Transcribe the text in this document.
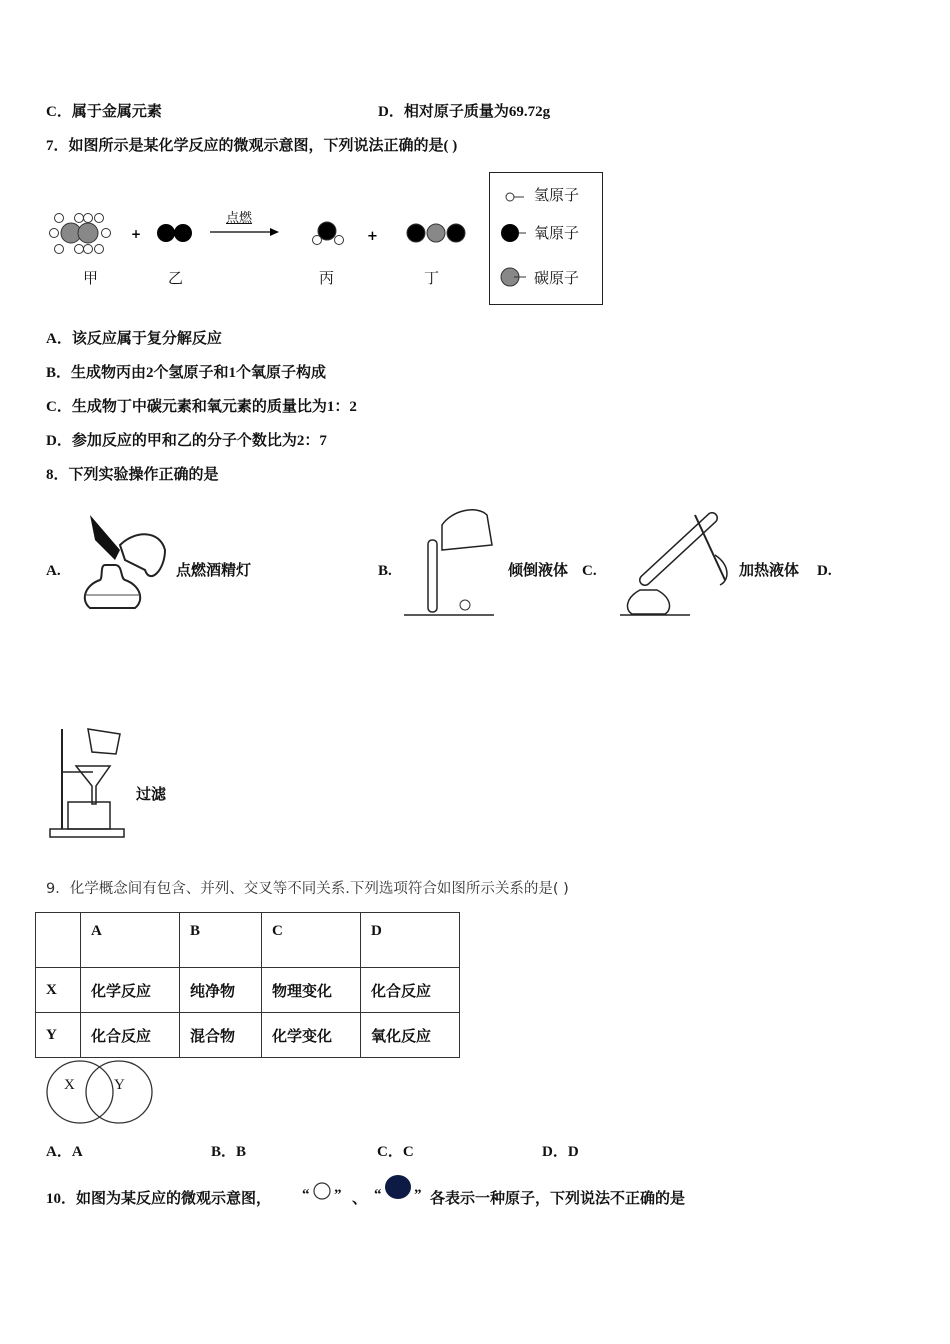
C．属于金属元素	D．相对原子质量为69.72g
7．如图所示是某化学反应的微观示意图，下列说法正确的是( )
+	+
点燃
甲	乙	丙	丁
氢原子
氧原子
碳原子
A．该反应属于复分解反应
B．生成物丙由2个氢原子和1个氧原子构成
C．生成物丁中碳元素和氧元素的质量比为1：2
D．参加反应的甲和乙的分子个数比为2：7
8．下列实验操作正确的是
A.	点燃酒精灯	B.	倾倒液体 C.	加热液体 D.
过滤
9．化学概念间有包含、并列、交叉等不同关系.下列选项符合如图所示关系的是( )
	A	B	C	D
X	化学反应	纯净物	物理变化	化合反应
Y	化合反应	混合物	化学变化	氧化反应
X	Y
A．A	B．B	C．C	D．D
10．如图为某反应的微观示意图， “ ” 、 “ ” 各表示一种原子，下列说法不正确的是
